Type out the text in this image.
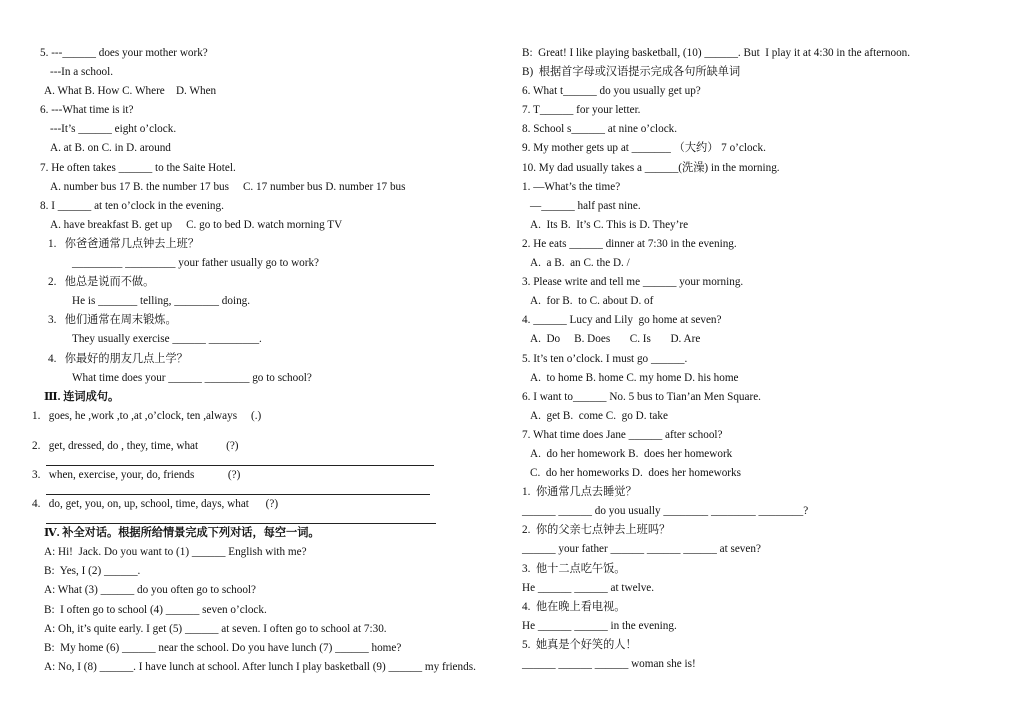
5. ---______ does your mother work?
---In a school.
A. What B. How C. Where    D. When
6. ---What time is it?
---It’s ______ eight o’clock.
A. at B. on C. in D. around
7. He often takes ______ to the Saite Hotel.
A. number bus 17 B. the number 17 bus     C. 17 number bus D. number 17 bus
8. I ______ at ten o’clock in the evening.
A. have breakfast B. get up     C. go to bed D. watch morning TV
1.   你爸爸通常几点钟去上班？
_________ _________ your father usually go to work?
2.   他总是说而不做。
He is _______ telling, ________ doing.
3.   他们通常在周末锻炼。
They usually exercise ______ _________.
4.   你最好的朋友几点上学？
What time does your ______ ________ go to school?
Ⅲ. 连词成句。
1.   goes, he ,work ,to ,at ,o’clock, ten ,always     (.)
2.   get, dressed, do , they, time, what          (?)
3.   when, exercise, your, do, friends            (?)
4.   do, get, you, on, up, school, time, days, what      (?)
Ⅳ. 补全对话。根据所给情景完成下列对话，每空一词。
A: Hi!  Jack. Do you want to (1) ______ English with me?
B:  Yes, I (2) ______.
A: What (3) ______ do you often go to school?
B:  I often go to school (4) ______ seven o’clock.
A: Oh, it’s quite early. I get (5) ______ at seven. I often go to school at 7:30.
B:  My home (6) ______ near the school. Do you have lunch (7) ______ home?
A: No, I (8) ______. I have lunch at school. After lunch I play basketball (9) ______ my friends.
B:  Great! I like playing basketball, (10) ______. But  I play it at 4:30 in the afternoon.
B)  根据首字母或汉语提示完成各句所缺单词
6. What t______ do you usually get up?
7. T______ for your letter.
8. School s______ at nine o’clock.
9. My mother gets up at _______ （大约） 7 o’clock.
10. My dad usually takes a ______(洗澡) in the morning.
1. —What’s the time?
—______ half past nine.
A.  Its B.  It’s C. This is D. They’re
2. He eats ______ dinner at 7:30 in the evening.
A.  a B.  an C. the D. /
3. Please write and tell me ______ your morning.
A.  for B.  to C. about D. of
4. ______ Lucy and Lily  go home at seven?
A.  Do     B. Does       C. Is       D. Are
5. It’s ten o’clock. I must go ______.
A.  to home B. home C. my home D. his home
6. I want to______ No. 5 bus to Tian’an Men Square.
A.  get B.  come C.  go D. take
7. What time does Jane ______ after school?
A.  do her homework B.  does her homework
C.  do her homeworks D.  does her homeworks
1.  你通常几点去睡觉？
______ ______ do you usually ________ ________ ________?
2.  你的父亲七点钟去上班吗？
______ your father ______ ______ ______ at seven?
3.  他十二点吃午饭。
He ______ ______ at twelve.
4.  他在晚上看电视。
He ______ ______ in the evening.
5.  她真是个好笑的人！
______ ______ ______ woman she is!
